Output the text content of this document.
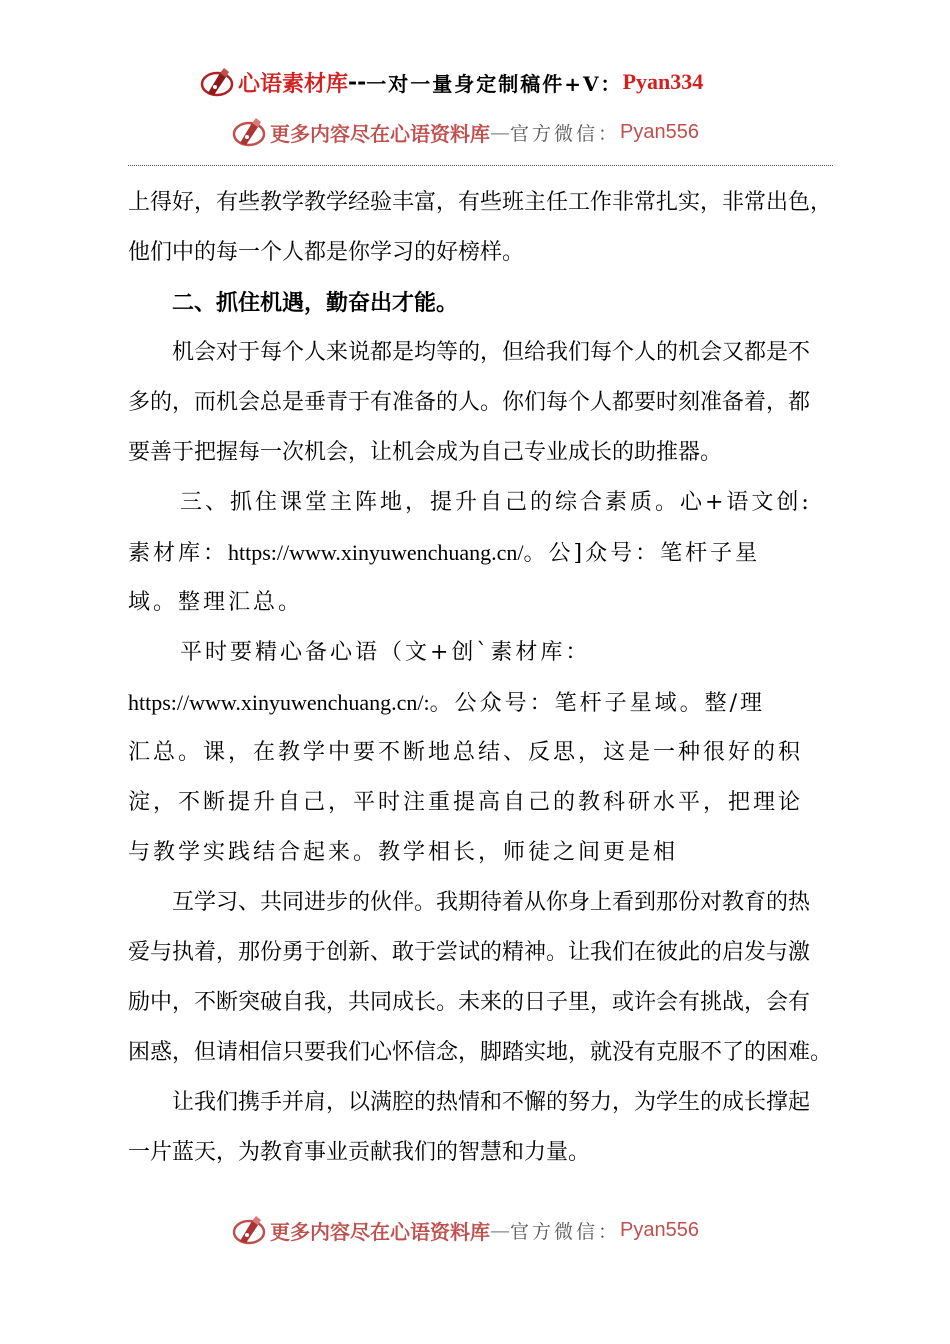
心语素材库 -- 一对一量身定制稿件+V： Pyan334
更多内容尽在心语资料库 — 官方微信： Pyan556
上得好，有些教学教学经验丰富，有些班主任工作非常扎实，非常出色，
他们中的每一个人都是你学习的好榜样。
二、抓住机遇，勤奋出才能。
机会对于每个人来说都是均等的，但给我们每个人的机会又都是不
多的，而机会总是垂青于有准备的人。你们每个人都要时刻准备着，都
要善于把握每一次机会，让机会成为自己专业成长的助推器。
三、抓住课堂主阵地，提升自己的综合素质。心+语文创:
素材库：https://www.xinyuwenchuang.cn/。公]众号：笔杆子星
域。整理汇总。
平时要精心备心语（文+创`素材库：
https://www.xinyuwenchuang.cn/:。公众号：笔杆子星域。整/理
汇总。课，在教学中要不断地总结、反思，这是一种很好的积
淀，不断提升自己，平时注重提高自己的教科研水平，把理论
与教学实践结合起来。教学相长，师徒之间更是相
互学习、共同进步的伙伴。我期待着从你身上看到那份对教育的热
爱与执着，那份勇于创新、敢于尝试的精神。让我们在彼此的启发与激
励中，不断突破自我，共同成长。未来的日子里，或许会有挑战，会有
困惑，但请相信只要我们心怀信念，脚踏实地，就没有克服不了的困难。
让我们携手并肩，以满腔的热情和不懈的努力，为学生的成长撑起
一片蓝天，为教育事业贡献我们的智慧和力量。
更多内容尽在心语资料库 — 官方微信： Pyan556
